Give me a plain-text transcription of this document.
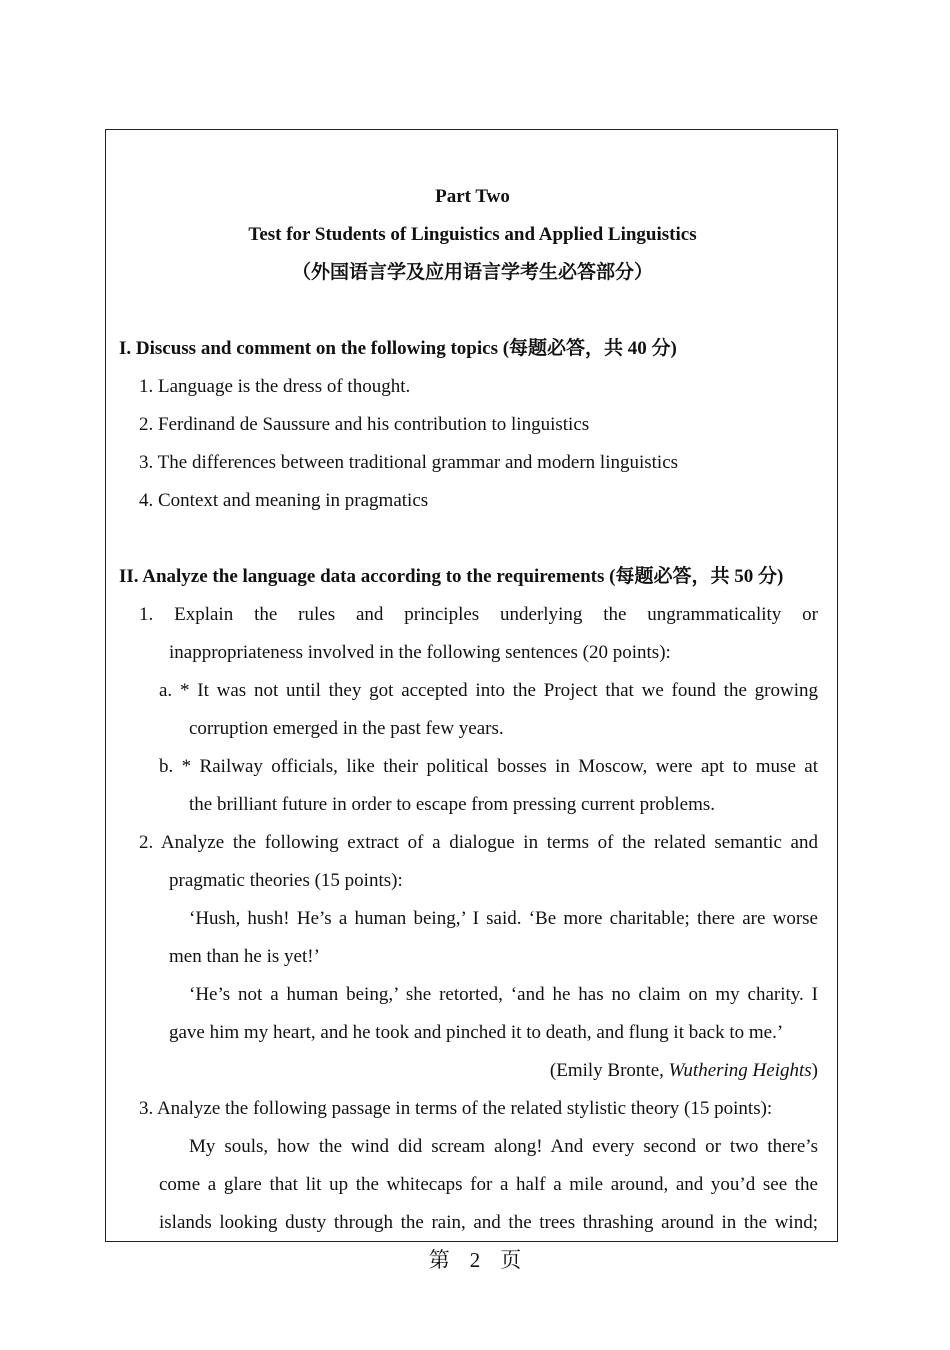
Part Two
Test for Students of Linguistics and Applied Linguistics
（外国语言学及应用语言学考生必答部分）
I. Discuss and comment on the following topics (每题必答，共 40 分)
1. Language is the dress of thought.
2. Ferdinand de Saussure and his contribution to linguistics
3. The differences between traditional grammar and modern linguistics
4. Context and meaning in pragmatics
II. Analyze the language data according to the requirements (每题必答，共 50 分)
1. Explain the rules and principles underlying the ungrammaticality or
inappropriateness involved in the following sentences (20 points):
a. * It was not until they got accepted into the Project that we found the growing
corruption emerged in the past few years.
b. * Railway officials, like their political bosses in Moscow, were apt to muse at
the brilliant future in order to escape from pressing current problems.
2. Analyze the following extract of a dialogue in terms of the related semantic and
pragmatic theories (15 points):
‘Hush, hush! He’s a human being,’ I said. ‘Be more charitable; there are worse
men than he is yet!’
‘He’s not a human being,’ she retorted, ‘and he has no claim on my charity. I
gave him my heart, and he took and pinched it to death, and flung it back to me.’
(Emily Bronte, Wuthering Heights)
3. Analyze the following passage in terms of the related stylistic theory (15 points):
My souls, how the wind did scream along! And every second or two there’s
come a glare that lit up the whitecaps for a half a mile around, and you’d see the
islands looking dusty through the rain, and the trees thrashing around in the wind;
第 2 页
